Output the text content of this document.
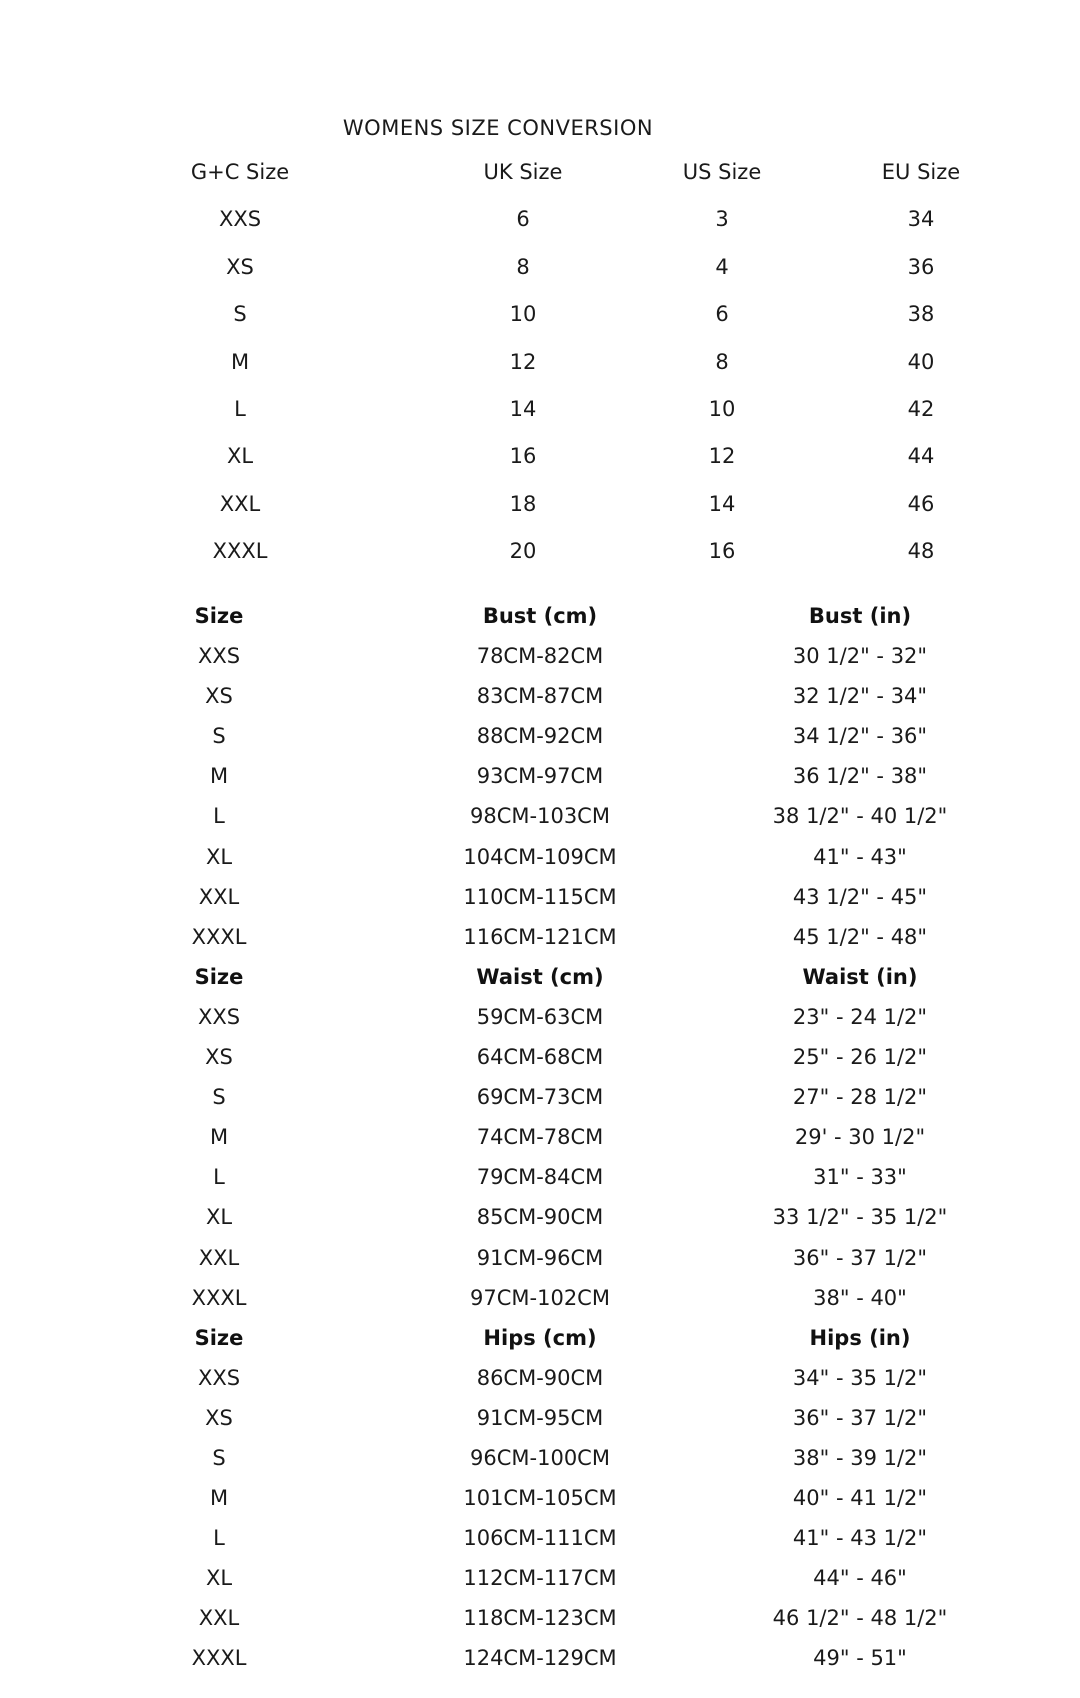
WOMENS SIZE CONVERSION
G+C Size	UK Size	US Size	EU Size
XXS	6	3	34
XS	8	4	36
S	10	6	38
M	12	8	40
L	14	10	42
XL	16	12	44
XXL	18	14	46
XXXL	20	16	48
Size	Bust (cm)	Bust (in)
XXS	78CM-82CM	30 1/2" - 32"
XS	83CM-87CM	32 1/2" - 34"
S	88CM-92CM	34 1/2" - 36"
M	93CM-97CM	36 1/2" - 38"
L	98CM-103CM	38 1/2" - 40 1/2"
XL	104CM-109CM	41" - 43"
XXL	110CM-115CM	43 1/2" - 45"
XXXL	116CM-121CM	45 1/2" - 48"
Size	Waist (cm)	Waist (in)
XXS	59CM-63CM	23" - 24 1/2"
XS	64CM-68CM	25" - 26 1/2"
S	69CM-73CM	27" - 28 1/2"
M	74CM-78CM	29' - 30 1/2"
L	79CM-84CM	31" - 33"
XL	85CM-90CM	33 1/2" - 35 1/2"
XXL	91CM-96CM	36" - 37 1/2"
XXXL	97CM-102CM	38" - 40"
Size	Hips (cm)	Hips (in)
XXS	86CM-90CM	34" - 35 1/2"
XS	91CM-95CM	36" - 37 1/2"
S	96CM-100CM	38" - 39 1/2"
M	101CM-105CM	40" - 41 1/2"
L	106CM-111CM	41" - 43 1/2"
XL	112CM-117CM	44" - 46"
XXL	118CM-123CM	46 1/2" - 48 1/2"
XXXL	124CM-129CM	49" - 51"
